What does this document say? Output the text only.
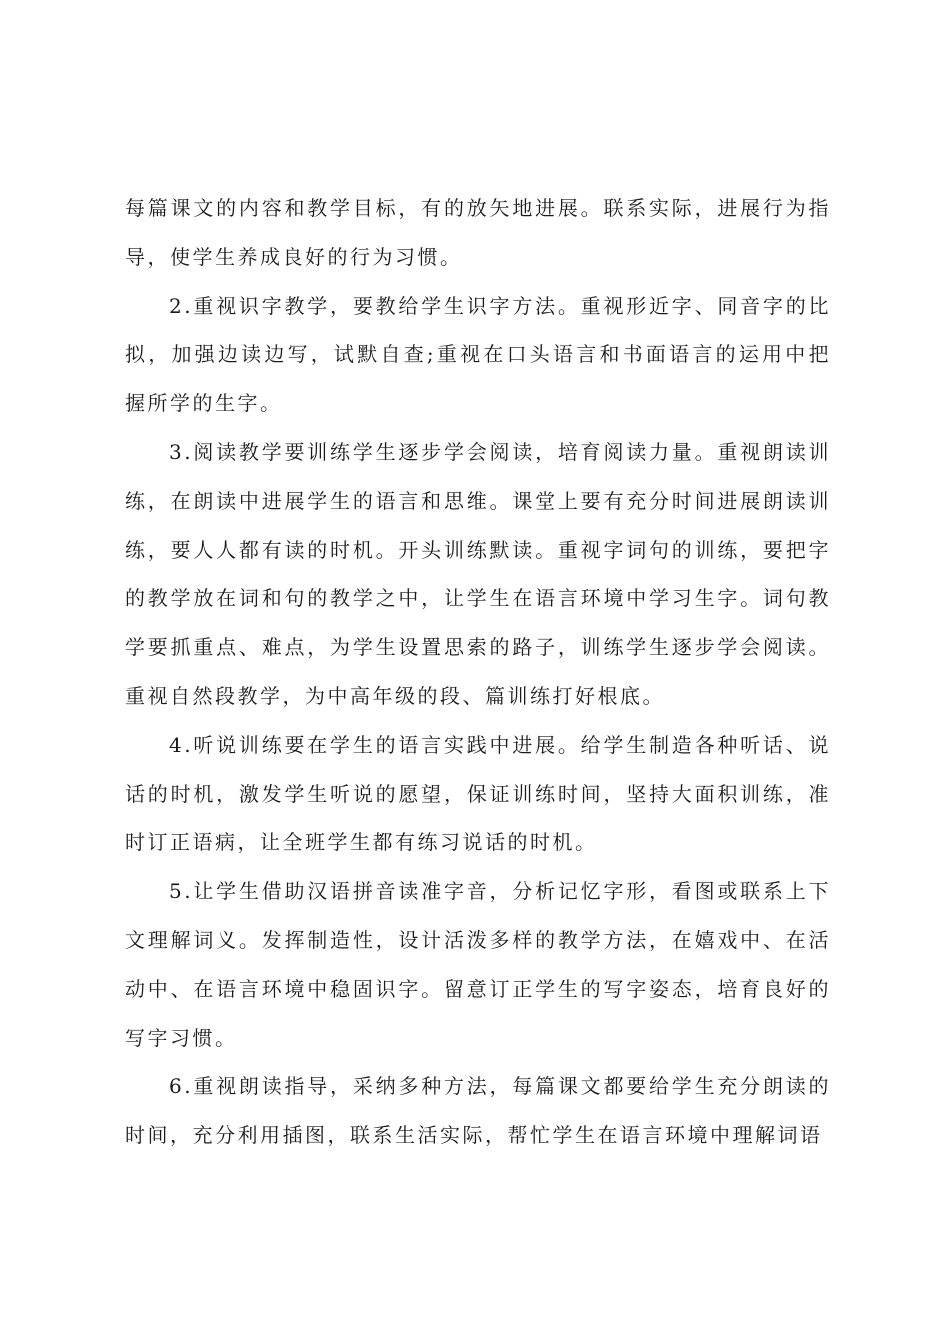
每篇课文的内容和教学目标，有的放矢地进展。联系实际，进展行为指导，使学生养成良好的行为习惯。

2.重视识字教学，要教给学生识字方法。重视形近字、同音字的比拟，加强边读边写，试默自查;重视在口头语言和书面语言的运用中把握所学的生字。

3.阅读教学要训练学生逐步学会阅读，培育阅读力量。重视朗读训练，在朗读中进展学生的语言和思维。课堂上要有充分时间进展朗读训练，要人人都有读的时机。开头训练默读。重视字词句的训练，要把字的教学放在词和句的教学之中，让学生在语言环境中学习生字。词句教学要抓重点、难点，为学生设置思索的路子，训练学生逐步学会阅读。重视自然段教学，为中高年级的段、篇训练打好根底。

4.听说训练要在学生的语言实践中进展。给学生制造各种听话、说话的时机，激发学生听说的愿望，保证训练时间，坚持大面积训练，准时订正语病，让全班学生都有练习说话的时机。

5.让学生借助汉语拼音读准字音，分析记忆字形，看图或联系上下文理解词义。发挥制造性，设计活泼多样的教学方法，在嬉戏中、在活动中、在语言环境中稳固识字。留意订正学生的写字姿态，培育良好的写字习惯。

6.重视朗读指导，采纳多种方法，每篇课文都要给学生充分朗读的时间，充分利用插图，联系生活实际，帮忙学生在语言环境中理解词语
